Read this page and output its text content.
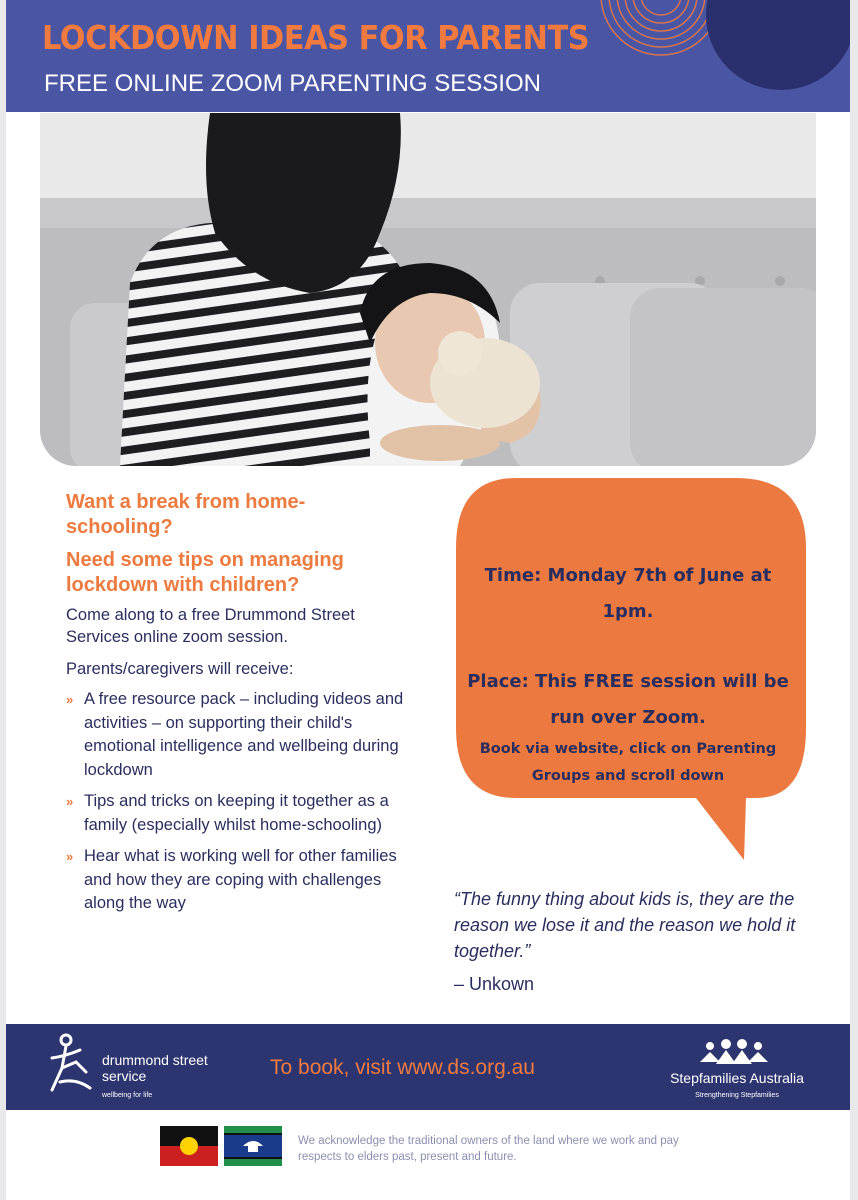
LOCKDOWN IDEAS FOR PARENTS
FREE ONLINE ZOOM PARENTING SESSION
Want a break from home-schooling?
Need some tips on managing lockdown with children?
Come along to a free Drummond Street Services online zoom session.
Parents/caregivers will receive:
» A free resource pack – including videos and activities – on supporting their child's emotional intelligence and wellbeing during lockdown
» Tips and tricks on keeping it together as a family (especially whilst home-schooling)
» Hear what is working well for other families and how they are coping with challenges along the way
Time: Monday 7th of June at 1pm.
Place: This FREE session will be run over Zoom.
Book via website, click on Parenting Groups and scroll down
“The funny thing about kids is, they are the reason we lose it and the reason we hold it together.”
– Unkown
drummond street service
wellbeing for life
To book, visit www.ds.org.au	Stepfamilies Australia
Strengthening Stepfamilies
We acknowledge the traditional owners of the land where we work and pay respects to elders past, present and future.
